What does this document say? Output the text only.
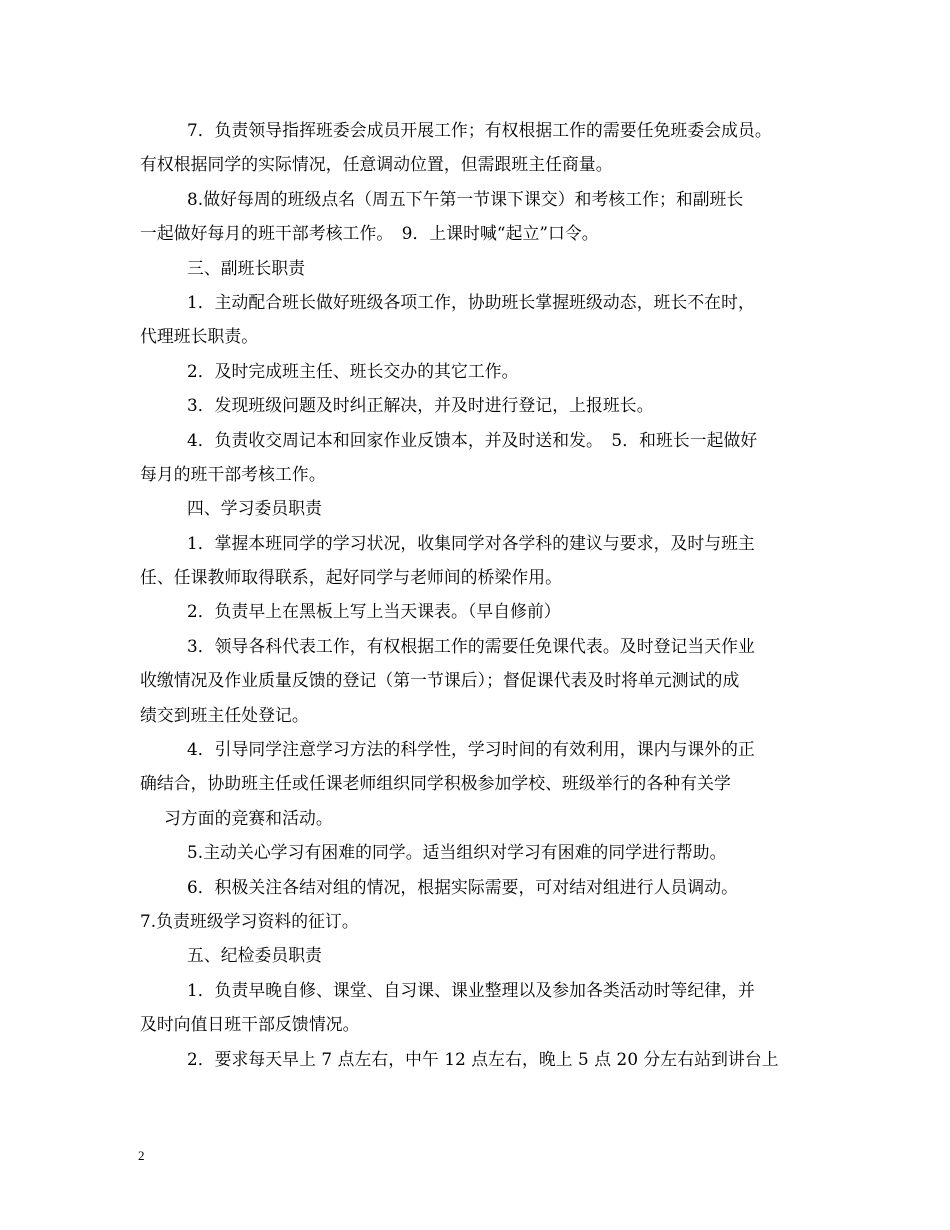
7．负责领导指挥班委会成员开展工作；有权根据工作的需要任免班委会成员。
有权根据同学的实际情况，任意调动位置，但需跟班主任商量。
8.做好每周的班级点名（周五下午第一节课下课交）和考核工作；和副班长
一起做好每月的班干部考核工作。　9．上课时喊“起立”口令。
三、副班长职责
1．主动配合班长做好班级各项工作，协助班长掌握班级动态，班长不在时，
代理班长职责。
2．及时完成班主任、班长交办的其它工作。
3．发现班级问题及时纠正解决，并及时进行登记，上报班长。
4．负责收交周记本和回家作业反馈本，并及时送和发。　5．和班长一起做好
每月的班干部考核工作。
四、学习委员职责
1．掌握本班同学的学习状况，收集同学对各学科的建议与要求，及时与班主
任、任课教师取得联系，起好同学与老师间的桥梁作用。
2．负责早上在黑板上写上当天课表。（早自修前）
3．领导各科代表工作，有权根据工作的需要任免课代表。及时登记当天作业
收缴情况及作业质量反馈的登记（第一节课后）；督促课代表及时将单元测试的成
绩交到班主任处登记。
4．引导同学注意学习方法的科学性，学习时间的有效利用，课内与课外的正
确结合，协助班主任或任课老师组织同学积极参加学校、班级举行的各种有关学
习方面的竞赛和活动。
5.主动关心学习有困难的同学。适当组织对学习有困难的同学进行帮助。
6．积极关注各结对组的情况，根据实际需要，可对结对组进行人员调动。
7.负责班级学习资料的征订。
五、纪检委员职责
1．负责早晚自修、课堂、自习课、课业整理以及参加各类活动时等纪律，并
及时向值日班干部反馈情况。
2．要求每天早上 7 点左右，中午 12 点左右，晚上 5 点 20 分左右站到讲台上
2
